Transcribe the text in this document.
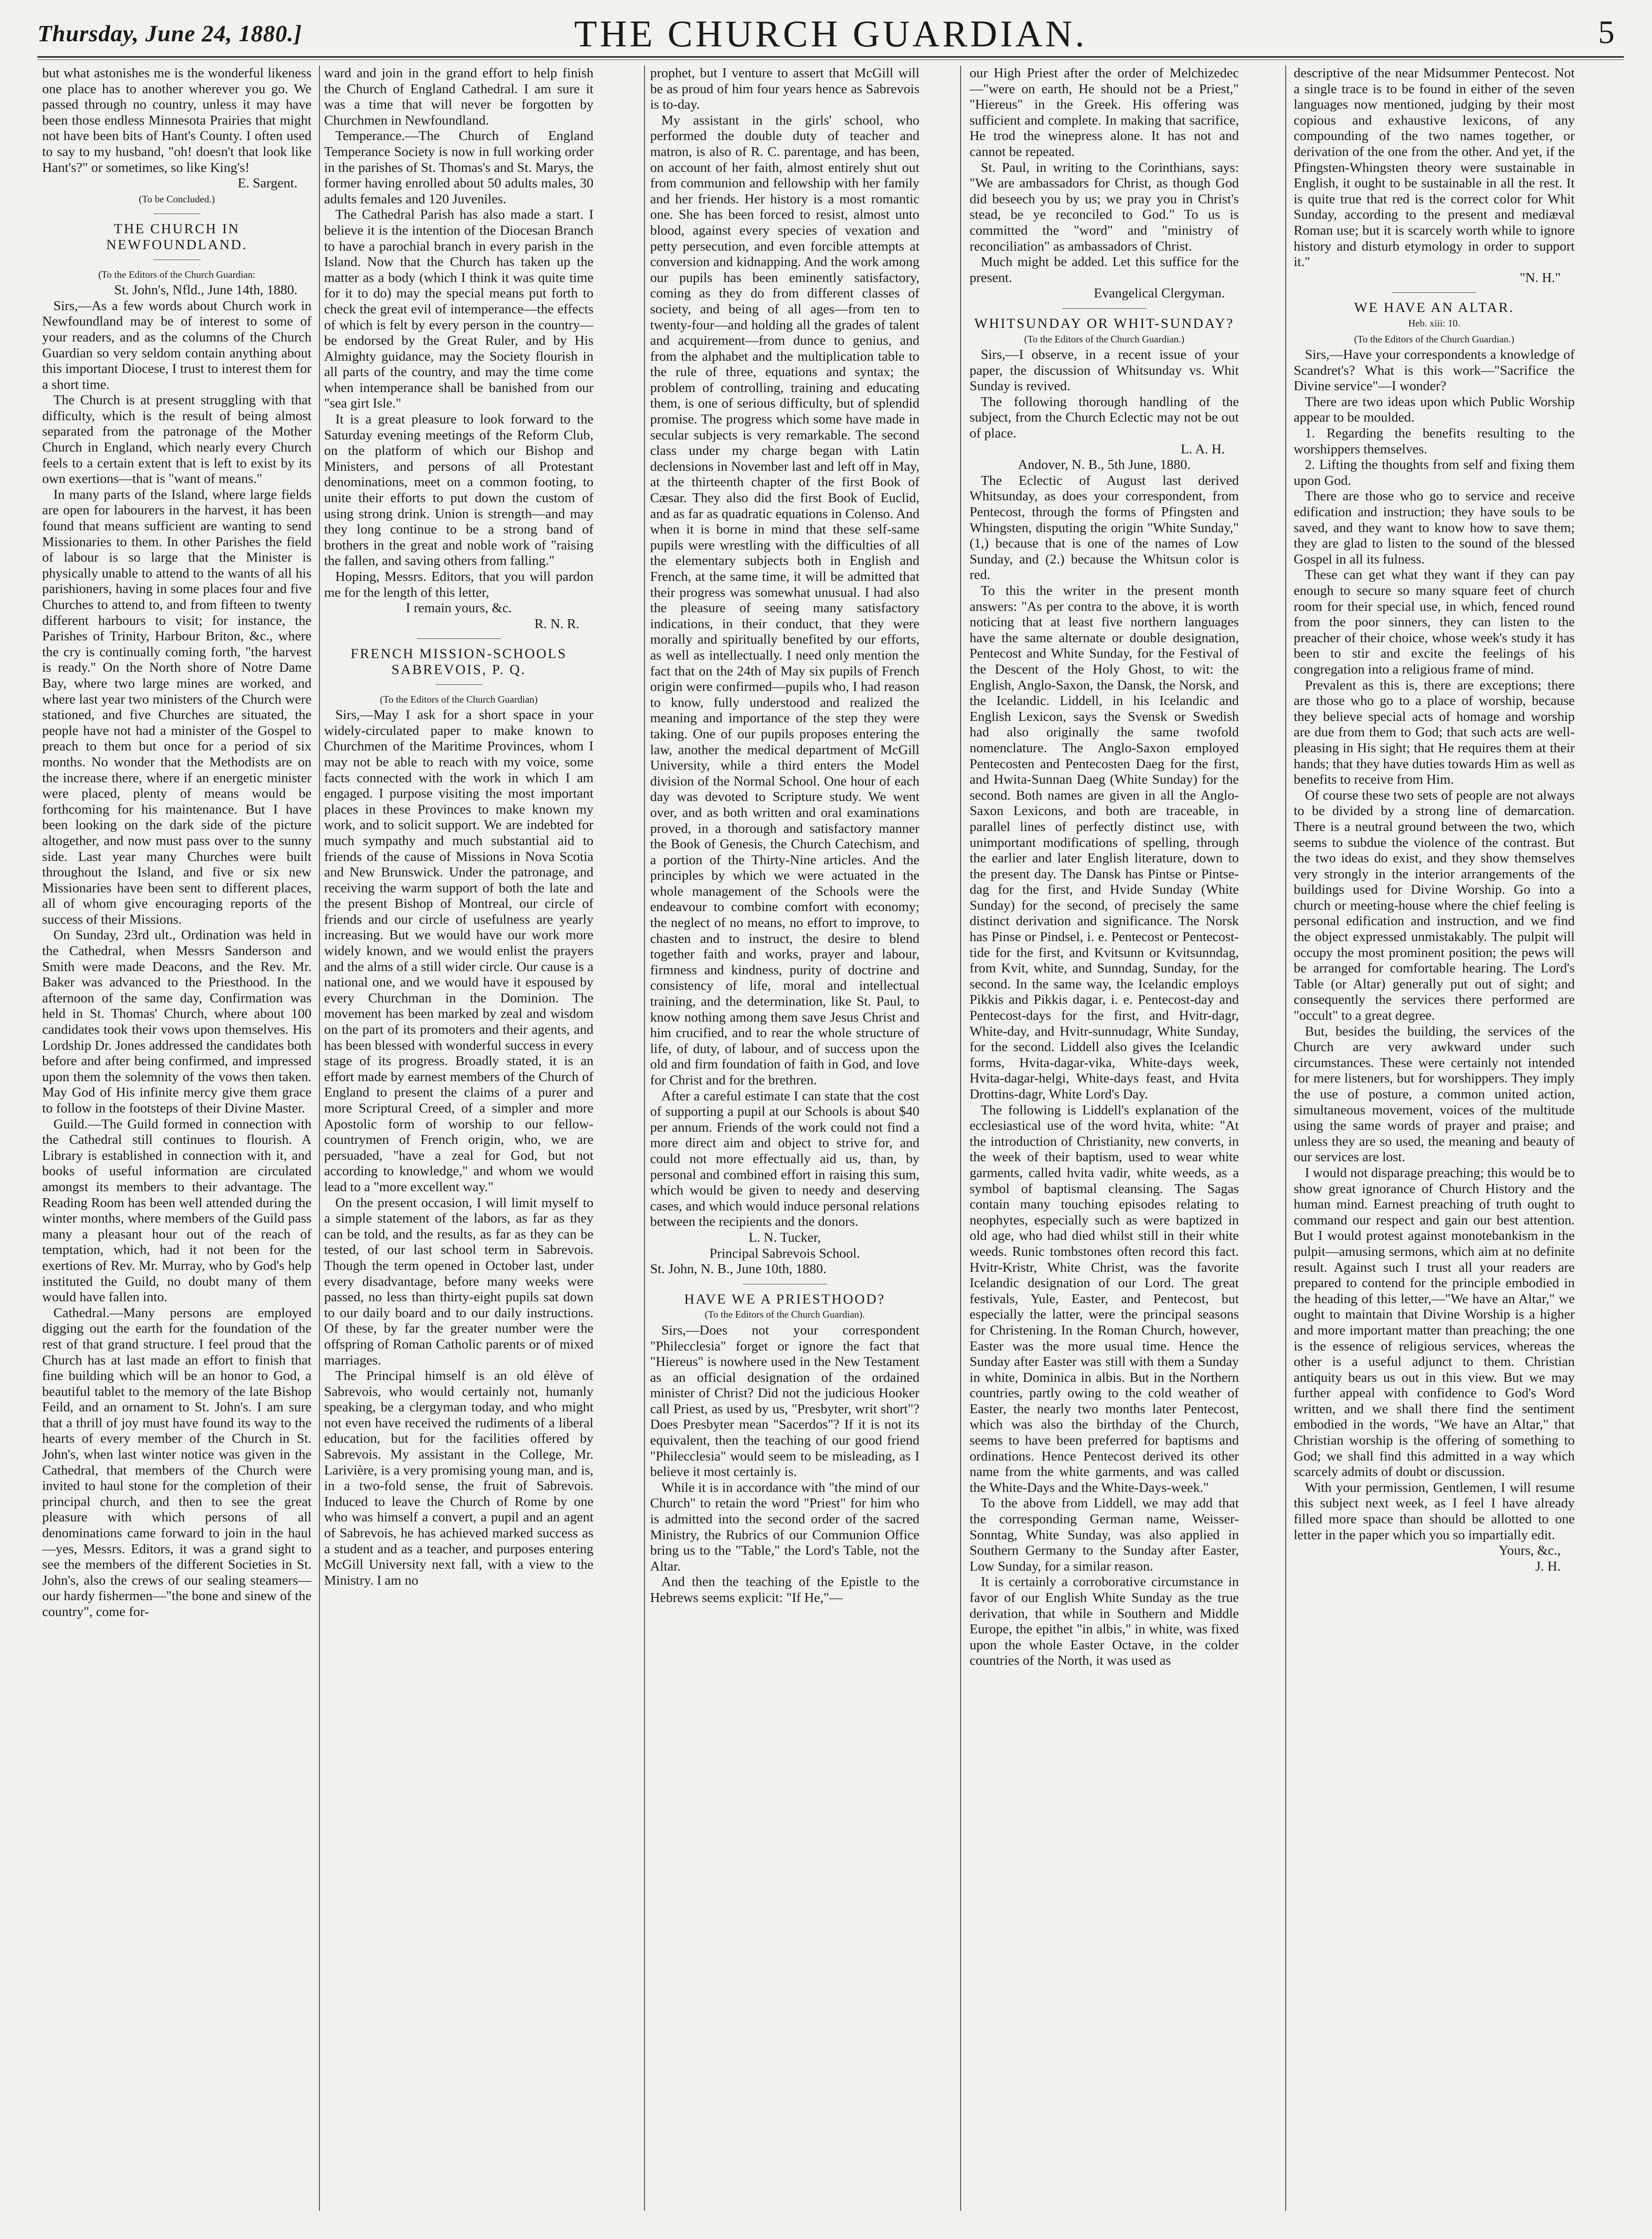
Thursday, June 24, 1880.]	THE CHURCH GUARDIAN.	5

but what astonishes me is the wonderful likeness one place has to another wherever you go. We passed through no country, unless it may have been those endless Minnesota Prairies that might not have been bits of Hant's County. I often used to say to my husband, "oh! doesn't that look like Hant's?" or sometimes, so like King's!

E. Sargent.

(To be Concluded.)

THE CHURCH IN NEWFOUNDLAND.

(To the Editors of the Church Guardian:

St. John's, Nfld., June 14th, 1880.

Sirs,—As a few words about Church work in Newfoundland may be of interest to some of your readers, and as the columns of the Church Guardian so very seldom contain anything about this important Diocese, I trust to interest them for a short time.

The Church is at present struggling with that difficulty, which is the result of being almost separated from the patronage of the Mother Church in England, which nearly every Church feels to a certain extent that is left to exist by its own exertions—that is "want of means."

In many parts of the Island, where large fields are open for labourers in the harvest, it has been found that means sufficient are wanting to send Missionaries to them. In other Parishes the field of labour is so large that the Minister is physically unable to attend to the wants of all his parishioners, having in some places four and five Churches to attend to, and from fifteen to twenty different harbours to visit; for instance, the Parishes of Trinity, Harbour Briton, &c., where the cry is continually coming forth, "the harvest is ready." On the North shore of Notre Dame Bay, where two large mines are worked, and where last year two ministers of the Church were stationed, and five Churches are situated, the people have not had a minister of the Gospel to preach to them but once for a period of six months. No wonder that the Methodists are on the increase there, where if an energetic minister were placed, plenty of means would be forthcoming for his maintenance. But I have been looking on the dark side of the picture altogether, and now must pass over to the sunny side. Last year many Churches were built throughout the Island, and five or six new Missionaries have been sent to different places, all of whom give encouraging reports of the success of their Missions.

On Sunday, 23rd ult., Ordination was held in the Cathedral, when Messrs Sanderson and Smith were made Deacons, and the Rev. Mr. Baker was advanced to the Priesthood. In the afternoon of the same day, Confirmation was held in St. Thomas' Church, where about 100 candidates took their vows upon themselves. His Lordship Dr. Jones addressed the candidates both before and after being confirmed, and impressed upon them the solemnity of the vows then taken. May God of His infinite mercy give them grace to follow in the footsteps of their Divine Master.

Guild.—The Guild formed in connection with the Cathedral still continues to flourish. A Library is established in connection with it, and books of useful information are circulated amongst its members to their advantage. The Reading Room has been well attended during the winter months, where members of the Guild pass many a pleasant hour out of the reach of temptation, which, had it not been for the exertions of Rev. Mr. Murray, who by God's help instituted the Guild, no doubt many of them would have fallen into.

Cathedral.—Many persons are employed digging out the earth for the foundation of the rest of that grand structure. I feel proud that the Church has at last made an effort to finish that fine building which will be an honor to God, a beautiful tablet to the memory of the late Bishop Feild, and an ornament to St. John's. I am sure that a thrill of joy must have found its way to the hearts of every member of the Church in St. John's, when last winter notice was given in the Cathedral, that members of the Church were invited to haul stone for the completion of their principal church, and then to see the great pleasure with which persons of all denominations came forward to join in the haul—yes, Messrs. Editors, it was a grand sight to see the members of the different Societies in St. John's, also the crews of our sealing steamers—our hardy fishermen—"the bone and sinew of the country", come for-

ward and join in the grand effort to help finish the Church of England Cathedral. I am sure it was a time that will never be forgotten by Churchmen in Newfoundland.

Temperance.—The Church of England Temperance Society is now in full working order in the parishes of St. Thomas's and St. Marys, the former having enrolled about 50 adults males, 30 adults females and 120 Juveniles.

The Cathedral Parish has also made a start. I believe it is the intention of the Diocesan Branch to have a parochial branch in every parish in the Island. Now that the Church has taken up the matter as a body (which I think it was quite time for it to do) may the special means put forth to check the great evil of intemperance—the effects of which is felt by every person in the country—be endorsed by the Great Ruler, and by His Almighty guidance, may the Society flourish in all parts of the country, and may the time come when intemperance shall be banished from our "sea girt Isle."

It is a great pleasure to look forward to the Saturday evening meetings of the Reform Club, on the platform of which our Bishop and Ministers, and persons of all Protestant denominations, meet on a common footing, to unite their efforts to put down the custom of using strong drink. Union is strength—and may they long continue to be a strong band of brothers in the great and noble work of "raising the fallen, and saving others from falling."

Hoping, Messrs. Editors, that you will pardon me for the length of this letter,

I remain yours, &c.

R. N. R.

FRENCH MISSION-SCHOOLS SABREVOIS, P. Q.

(To the Editors of the Church Guardian)

Sirs,—May I ask for a short space in your widely-circulated paper to make known to Churchmen of the Maritime Provinces, whom I may not be able to reach with my voice, some facts connected with the work in which I am engaged. I purpose visiting the most important places in these Provinces to make known my work, and to solicit support. We are indebted for much sympathy and much substantial aid to friends of the cause of Missions in Nova Scotia and New Brunswick. Under the patronage, and receiving the warm support of both the late and the present Bishop of Montreal, our circle of friends and our circle of usefulness are yearly increasing. But we would have our work more widely known, and we would enlist the prayers and the alms of a still wider circle. Our cause is a national one, and we would have it espoused by every Churchman in the Dominion. The movement has been marked by zeal and wisdom on the part of its promoters and their agents, and has been blessed with wonderful success in every stage of its progress. Broadly stated, it is an effort made by earnest members of the Church of England to present the claims of a purer and more Scriptural Creed, of a simpler and more Apostolic form of worship to our fellow-countrymen of French origin, who, we are persuaded, "have a zeal for God, but not according to knowledge," and whom we would lead to a "more excellent way."

On the present occasion, I will limit myself to a simple statement of the labors, as far as they can be told, and the results, as far as they can be tested, of our last school term in Sabrevois. Though the term opened in October last, under every disadvantage, before many weeks were passed, no less than thirty-eight pupils sat down to our daily board and to our daily instructions. Of these, by far the greater number were the offspring of Roman Catholic parents or of mixed marriages.

The Principal himself is an old élève of Sabrevois, who would certainly not, humanly speaking, be a clergyman today, and who might not even have received the rudiments of a liberal education, but for the facilities offered by Sabrevois. My assistant in the College, Mr. Larivière, is a very promising young man, and is, in a two-fold sense, the fruit of Sabrevois. Induced to leave the Church of Rome by one who was himself a convert, a pupil and an agent of Sabrevois, he has achieved marked success as a student and as a teacher, and purposes entering McGill University next fall, with a view to the Ministry. I am no

prophet, but I venture to assert that McGill will be as proud of him four years hence as Sabrevois is to-day.

My assistant in the girls' school, who performed the double duty of teacher and matron, is also of R. C. parentage, and has been, on account of her faith, almost entirely shut out from communion and fellowship with her family and her friends. Her history is a most romantic one. She has been forced to resist, almost unto blood, against every species of vexation and petty persecution, and even forcible attempts at conversion and kidnapping. And the work among our pupils has been eminently satisfactory, coming as they do from different classes of society, and being of all ages—from ten to twenty-four—and holding all the grades of talent and acquirement—from dunce to genius, and from the alphabet and the multiplication table to the rule of three, equations and syntax; the problem of controlling, training and educating them, is one of serious difficulty, but of splendid promise. The progress which some have made in secular subjects is very remarkable. The second class under my charge began with Latin declensions in November last and left off in May, at the thirteenth chapter of the first Book of Cæsar. They also did the first Book of Euclid, and as far as quadratic equations in Colenso. And when it is borne in mind that these self-same pupils were wrestling with the difficulties of all the elementary subjects both in English and French, at the same time, it will be admitted that their progress was somewhat unusual. I had also the pleasure of seeing many satisfactory indications, in their conduct, that they were morally and spiritually benefited by our efforts, as well as intellectually. I need only mention the fact that on the 24th of May six pupils of French origin were confirmed—pupils who, I had reason to know, fully understood and realized the meaning and importance of the step they were taking. One of our pupils proposes entering the law, another the medical department of McGill University, while a third enters the Model division of the Normal School. One hour of each day was devoted to Scripture study. We went over, and as both written and oral examinations proved, in a thorough and satisfactory manner the Book of Genesis, the Church Catechism, and a portion of the Thirty-Nine articles. And the principles by which we were actuated in the whole management of the Schools were the endeavour to combine comfort with economy; the neglect of no means, no effort to improve, to chasten and to instruct, the desire to blend together faith and works, prayer and labour, firmness and kindness, purity of doctrine and consistency of life, moral and intellectual training, and the determination, like St. Paul, to know nothing among them save Jesus Christ and him crucified, and to rear the whole structure of life, of duty, of labour, and of success upon the old and firm foundation of faith in God, and love for Christ and for the brethren.

After a careful estimate I can state that the cost of supporting a pupil at our Schools is about $40 per annum. Friends of the work could not find a more direct aim and object to strive for, and could not more effectually aid us, than, by personal and combined effort in raising this sum, which would be given to needy and deserving cases, and which would induce personal relations between the recipients and the donors.

L. N. Tucker,

Principal Sabrevois School.

St. John, N. B., June 10th, 1880.

HAVE WE A PRIESTHOOD?

(To the Editors of the Church Guardian).

Sirs,—Does not your correspondent "Philecclesia" forget or ignore the fact that "Hiereus" is nowhere used in the New Testament as an official designation of the ordained minister of Christ? Did not the judicious Hooker call Priest, as used by us, "Presbyter, writ short"? Does Presbyter mean "Sacerdos"? If it is not its equivalent, then the teaching of our good friend "Philecclesia" would seem to be misleading, as I believe it most certainly is.

While it is in accordance with "the mind of our Church" to retain the word "Priest" for him who is admitted into the second order of the sacred Ministry, the Rubrics of our Communion Office bring us to the "Table," the Lord's Table, not the Altar.

And then the teaching of the Epistle to the Hebrews seems explicit: "If He,"—

our High Priest after the order of Melchizedec—"were on earth, He should not be a Priest," "Hiereus" in the Greek. His offering was sufficient and complete. In making that sacrifice, He trod the winepress alone. It has not and cannot be repeated.

St. Paul, in writing to the Corinthians, says: "We are ambassadors for Christ, as though God did beseech you by us; we pray you in Christ's stead, be ye reconciled to God." To us is committed the "word" and "ministry of reconciliation" as ambassadors of Christ.

Much might be added. Let this suffice for the present.

Evangelical Clergyman.

WHITSUNDAY OR WHIT-SUNDAY?

(To the Editors of the Church Guardian.)

Sirs,—I observe, in a recent issue of your paper, the discussion of Whitsunday vs. Whit Sunday is revived.

The following thorough handling of the subject, from the Church Eclectic may not be out of place.

L. A. H.

Andover, N. B., 5th June, 1880.

The Eclectic of August last derived Whitsunday, as does your correspondent, from Pentecost, through the forms of Pfingsten and Whingsten, disputing the origin "White Sunday," (1,) because that is one of the names of Low Sunday, and (2.) because the Whitsun color is red.

To this the writer in the present month answers: "As per contra to the above, it is worth noticing that at least five northern languages have the same alternate or double designation, Pentecost and White Sunday, for the Festival of the Descent of the Holy Ghost, to wit: the English, Anglo-Saxon, the Dansk, the Norsk, and the Icelandic. Liddell, in his Icelandic and English Lexicon, says the Svensk or Swedish had also originally the same twofold nomenclature. The Anglo-Saxon employed Pentecosten and Pentecosten Daeg for the first, and Hwita-Sunnan Daeg (White Sunday) for the second. Both names are given in all the Anglo-Saxon Lexicons, and both are traceable, in parallel lines of perfectly distinct use, with unimportant modifications of spelling, through the earlier and later English literature, down to the present day. The Dansk has Pintse or Pintse-dag for the first, and Hvide Sunday (White Sunday) for the second, of precisely the same distinct derivation and significance. The Norsk has Pinse or Pindsel, i. e. Pentecost or Pentecost-tide for the first, and Kvitsunn or Kvitsunndag, from Kvit, white, and Sunndag, Sunday, for the second. In the same way, the Icelandic employs Pikkis and Pikkis dagar, i. e. Pentecost-day and Pentecost-days for the first, and Hvitr-dagr, White-day, and Hvitr-sunnudagr, White Sunday, for the second. Liddell also gives the Icelandic forms, Hvita-dagar-vika, White-days week, Hvita-dagar-helgi, White-days feast, and Hvita Drottins-dagr, White Lord's Day.

The following is Liddell's explanation of the ecclesiastical use of the word hvita, white: "At the introduction of Christianity, new converts, in the week of their baptism, used to wear white garments, called hvita vadir, white weeds, as a symbol of baptismal cleansing. The Sagas contain many touching episodes relating to neophytes, especially such as were baptized in old age, who had died whilst still in their white weeds. Runic tombstones often record this fact. Hvitr-Kristr, White Christ, was the favorite Icelandic designation of our Lord. The great festivals, Yule, Easter, and Pentecost, but especially the latter, were the principal seasons for Christening. In the Roman Church, however, Easter was the more usual time. Hence the Sunday after Easter was still with them a Sunday in white, Dominica in albis. But in the Northern countries, partly owing to the cold weather of Easter, the nearly two months later Pentecost, which was also the birthday of the Church, seems to have been preferred for baptisms and ordinations. Hence Pentecost derived its other name from the white garments, and was called the White-Days and the White-Days-week."

To the above from Liddell, we may add that the corresponding German name, Weisser-Sonntag, White Sunday, was also applied in Southern Germany to the Sunday after Easter, Low Sunday, for a similar reason.

It is certainly a corroborative circumstance in favor of our English White Sunday as the true derivation, that while in Southern and Middle Europe, the epithet "in albis," in white, was fixed upon the whole Easter Octave, in the colder countries of the North, it was used as

descriptive of the near Midsummer Pentecost. Not a single trace is to be found in either of the seven languages now mentioned, judging by their most copious and exhaustive lexicons, of any compounding of the two names together, or derivation of the one from the other. And yet, if the Pfingsten-Whingsten theory were sustainable in English, it ought to be sustainable in all the rest. It is quite true that red is the correct color for Whit Sunday, according to the present and mediæval Roman use; but it is scarcely worth while to ignore history and disturb etymology in order to support it."

"N. H."

WE HAVE AN ALTAR.

Heb. xiii: 10.

(To the Editors of the Church Guardian.)

Sirs,—Have your correspondents a knowledge of Scandret's? What is this work—"Sacrifice the Divine service"—I wonder?

There are two ideas upon which Public Worship appear to be moulded.

1. Regarding the benefits resulting to the worshippers themselves.

2. Lifting the thoughts from self and fixing them upon God.

There are those who go to service and receive edification and instruction; they have souls to be saved, and they want to know how to save them; they are glad to listen to the sound of the blessed Gospel in all its fulness.

These can get what they want if they can pay enough to secure so many square feet of church room for their special use, in which, fenced round from the poor sinners, they can listen to the preacher of their choice, whose week's study it has been to stir and excite the feelings of his congregation into a religious frame of mind.

Prevalent as this is, there are exceptions; there are those who go to a place of worship, because they believe special acts of homage and worship are due from them to God; that such acts are well-pleasing in His sight; that He requires them at their hands; that they have duties towards Him as well as benefits to receive from Him.

Of course these two sets of people are not always to be divided by a strong line of demarcation. There is a neutral ground between the two, which seems to subdue the violence of the contrast. But the two ideas do exist, and they show themselves very strongly in the interior arrangements of the buildings used for Divine Worship. Go into a church or meeting-house where the chief feeling is personal edification and instruction, and we find the object expressed unmistakably. The pulpit will occupy the most prominent position; the pews will be arranged for comfortable hearing. The Lord's Table (or Altar) generally put out of sight; and consequently the services there performed are "occult" to a great degree.

But, besides the building, the services of the Church are very awkward under such circumstances. These were certainly not intended for mere listeners, but for worshippers. They imply the use of posture, a common united action, simultaneous movement, voices of the multitude using the same words of prayer and praise; and unless they are so used, the meaning and beauty of our services are lost.

I would not disparage preaching; this would be to show great ignorance of Church History and the human mind. Earnest preaching of truth ought to command our respect and gain our best attention. But I would protest against monotebankism in the pulpit—amusing sermons, which aim at no definite result. Against such I trust all your readers are prepared to contend for the principle embodied in the heading of this letter,—"We have an Altar," we ought to maintain that Divine Worship is a higher and more important matter than preaching; the one is the essence of religious services, whereas the other is a useful adjunct to them. Christian antiquity bears us out in this view. But we may further appeal with confidence to God's Word written, and we shall there find the sentiment embodied in the words, "We have an Altar," that Christian worship is the offering of something to God; we shall find this admitted in a way which scarcely admits of doubt or discussion.

With your permission, Gentlemen, I will resume this subject next week, as I feel I have already filled more space than should be allotted to one letter in the paper which you so impartially edit.

Yours, &c.,

J. H.
